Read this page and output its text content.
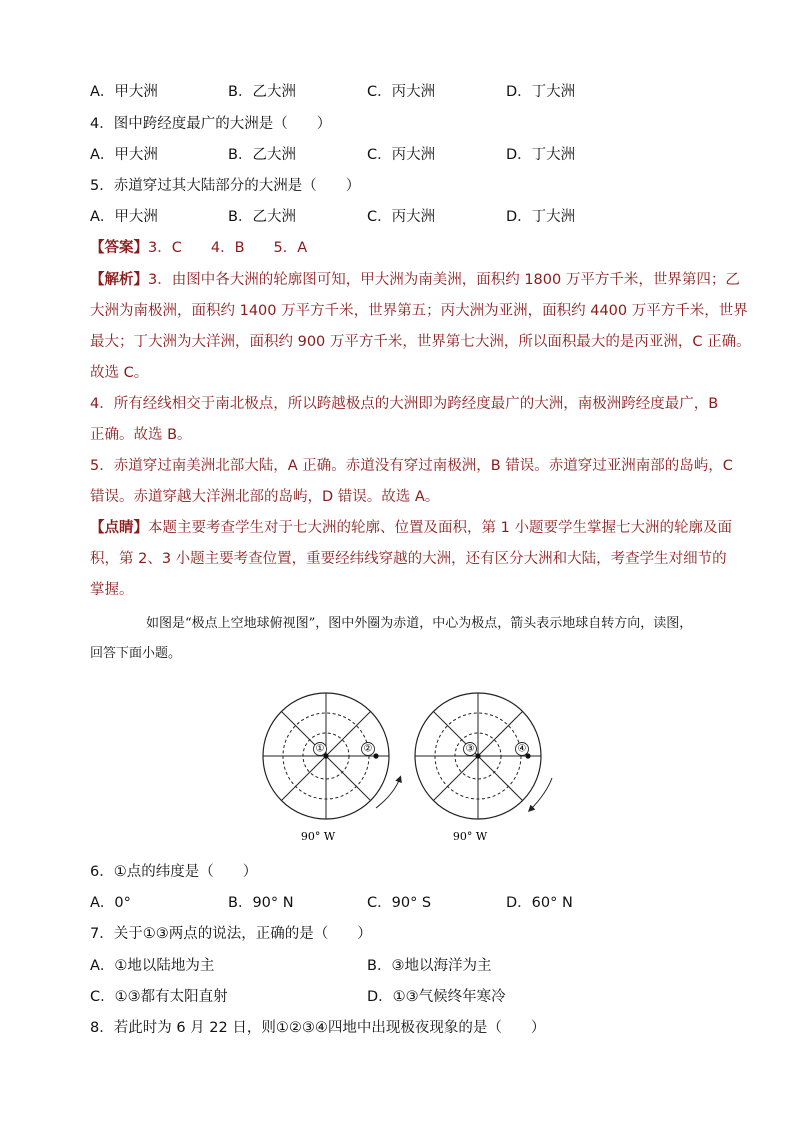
A．甲大洲	B．乙大洲	C．丙大洲	D．丁大洲
4．图中跨经度最广的大洲是（　　）
A．甲大洲	B．乙大洲	C．丙大洲	D．丁大洲
5．赤道穿过其大陆部分的大洲是（　　）
A．甲大洲	B．乙大洲	C．丙大洲	D．丁大洲
【答案】3．C　　4．B　　5．A
【解析】3．由图中各大洲的轮廓图可知，甲大洲为南美洲，面积约 1800 万平方千米，世界第四；乙
大洲为南极洲，面积约 1400 万平方千米，世界第五；丙大洲为亚洲，面积约 4400 万平方千米，世界
最大；丁大洲为大洋洲，面积约 900 万平方千米，世界第七大洲，所以面积最大的是丙亚洲，C 正确。
故选 C。
4．所有经线相交于南北极点，所以跨越极点的大洲即为跨经度最广的大洲，南极洲跨经度最广，B
正确。故选 B。
5．赤道穿过南美洲北部大陆，A 正确。赤道没有穿过南极洲，B 错误。赤道穿过亚洲南部的岛屿，C
错误。赤道穿越大洋洲北部的岛屿，D 错误。故选 A。
【点睛】本题主要考查学生对于七大洲的轮廓、位置及面积，第 1 小题要学生掌握七大洲的轮廓及面
积，第 2、3 小题主要考查位置，重要经纬线穿越的大洲，还有区分大洲和大陆，考查学生对细节的
掌握。
如图是“极点上空地球俯视图”，图中外圈为赤道，中心为极点，箭头表示地球自转方向，读图，
回答下面小题。
①	②
90° W
③	④
90° W
6．①点的纬度是（　　）
A．0°	B．90° N	C．90° S	D．60° N
7．关于①③两点的说法，正确的是（　　）
A．①地以陆地为主	B．③地以海洋为主
C．①③都有太阳直射	D．①③气候终年寒冷
8．若此时为 6 月 22 日，则①②③④四地中出现极夜现象的是（　　）
